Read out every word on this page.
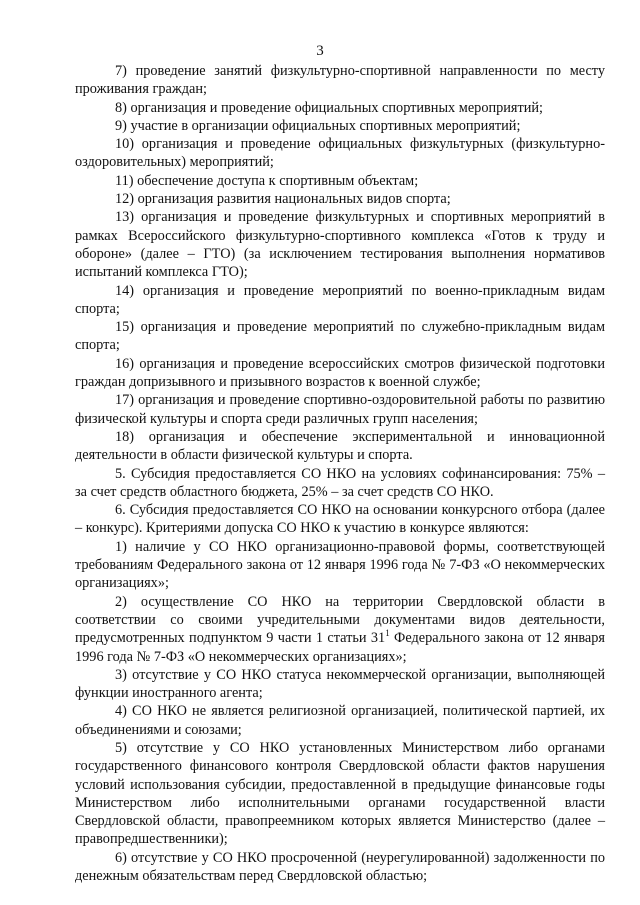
3

7) проведение занятий физкультурно-спортивной направленности по месту проживания граждан;

8) организация и проведение официальных спортивных мероприятий;

9) участие в организации официальных спортивных мероприятий;

10) организация и проведение официальных физкультурных (физкультурно-оздоровительных) мероприятий;

11) обеспечение доступа к спортивным объектам;

12) организация развития национальных видов спорта;

13) организация и проведение физкультурных и спортивных мероприятий в рамках Всероссийского физкультурно-спортивного комплекса «Готов к труду и обороне» (далее – ГТО) (за исключением тестирования выполнения нормативов испытаний комплекса ГТО);

14) организация и проведение мероприятий по военно-прикладным видам спорта;

15) организация и проведение мероприятий по служебно-прикладным видам спорта;

16) организация и проведение всероссийских смотров физической подготовки граждан допризывного и призывного возрастов к военной службе;

17) организация и проведение спортивно-оздоровительной работы по развитию физической культуры и спорта среди различных групп населения;

18) организация и обеспечение экспериментальной и инновационной деятельности в области физической культуры и спорта.

5. Субсидия предоставляется СО НКО на условиях софинансирования: 75% – за счет средств областного бюджета, 25% – за счет средств СО НКО.

6. Субсидия предоставляется СО НКО на основании конкурсного отбора (далее – конкурс). Критериями допуска СО НКО к участию в конкурсе являются:

1) наличие у СО НКО организационно-правовой формы, соответствующей требованиям Федерального закона от 12 января 1996 года № 7-ФЗ «О некоммерческих организациях»;

2) осуществление СО НКО на территории Свердловской области в соответствии со своими учредительными документами видов деятельности, предусмотренных подпунктом 9 части 1 статьи $31^1$ Федерального закона от 12 января 1996 года № 7-ФЗ «О некоммерческих организациях»;

3) отсутствие у СО НКО статуса некоммерческой организации, выполняющей функции иностранного агента;

4) СО НКО не является религиозной организацией, политической партией, их объединениями и союзами;

5) отсутствие у СО НКО установленных Министерством либо органами государственного финансового контроля Свердловской области фактов нарушения условий использования субсидии, предоставленной в предыдущие финансовые годы Министерством либо исполнительными органами государственной власти Свердловской области, правопреемником которых является Министерство (далее – правопредшественники);

6) отсутствие у СО НКО просроченной (неурегулированной) задолженности по денежным обязательствам перед Свердловской областью;
